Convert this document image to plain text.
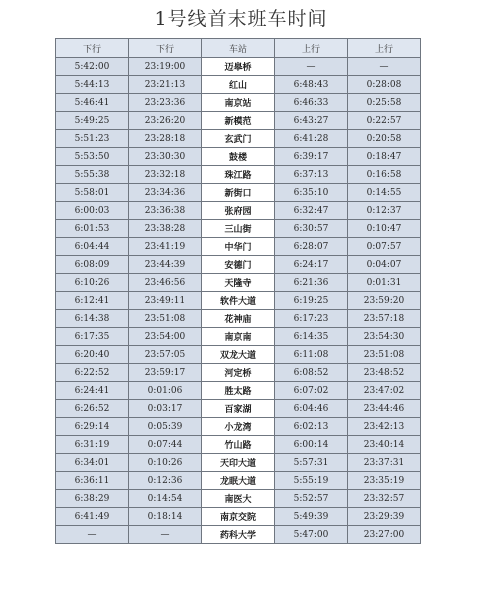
1号线首末班车时间
下行	下行	车站	上行	上行
5:42:00	23:19:00	迈皋桥	—	—
5:44:13	23:21:13	红山	6:48:43	0:28:08
5:46:41	23:23:36	南京站	6:46:33	0:25:58
5:49:25	23:26:20	新模范	6:43:27	0:22:57
5:51:23	23:28:18	玄武门	6:41:28	0:20:58
5:53:50	23:30:30	鼓楼	6:39:17	0:18:47
5:55:38	23:32:18	珠江路	6:37:13	0:16:58
5:58:01	23:34:36	新街口	6:35:10	0:14:55
6:00:03	23:36:38	张府园	6:32:47	0:12:37
6:01:53	23:38:28	三山街	6:30:57	0:10:47
6:04:44	23:41:19	中华门	6:28:07	0:07:57
6:08:09	23:44:39	安德门	6:24:17	0:04:07
6:10:26	23:46:56	天隆寺	6:21:36	0:01:31
6:12:41	23:49:11	软件大道	6:19:25	23:59:20
6:14:38	23:51:08	花神庙	6:17:23	23:57:18
6:17:35	23:54:00	南京南	6:14:35	23:54:30
6:20:40	23:57:05	双龙大道	6:11:08	23:51:08
6:22:52	23:59:17	河定桥	6:08:52	23:48:52
6:24:41	0:01:06	胜太路	6:07:02	23:47:02
6:26:52	0:03:17	百家湖	6:04:46	23:44:46
6:29:14	0:05:39	小龙湾	6:02:13	23:42:13
6:31:19	0:07:44	竹山路	6:00:14	23:40:14
6:34:01	0:10:26	天印大道	5:57:31	23:37:31
6:36:11	0:12:36	龙眠大道	5:55:19	23:35:19
6:38:29	0:14:54	南医大	5:52:57	23:32:57
6:41:49	0:18:14	南京交院	5:49:39	23:29:39
—	—	药科大学	5:47:00	23:27:00
